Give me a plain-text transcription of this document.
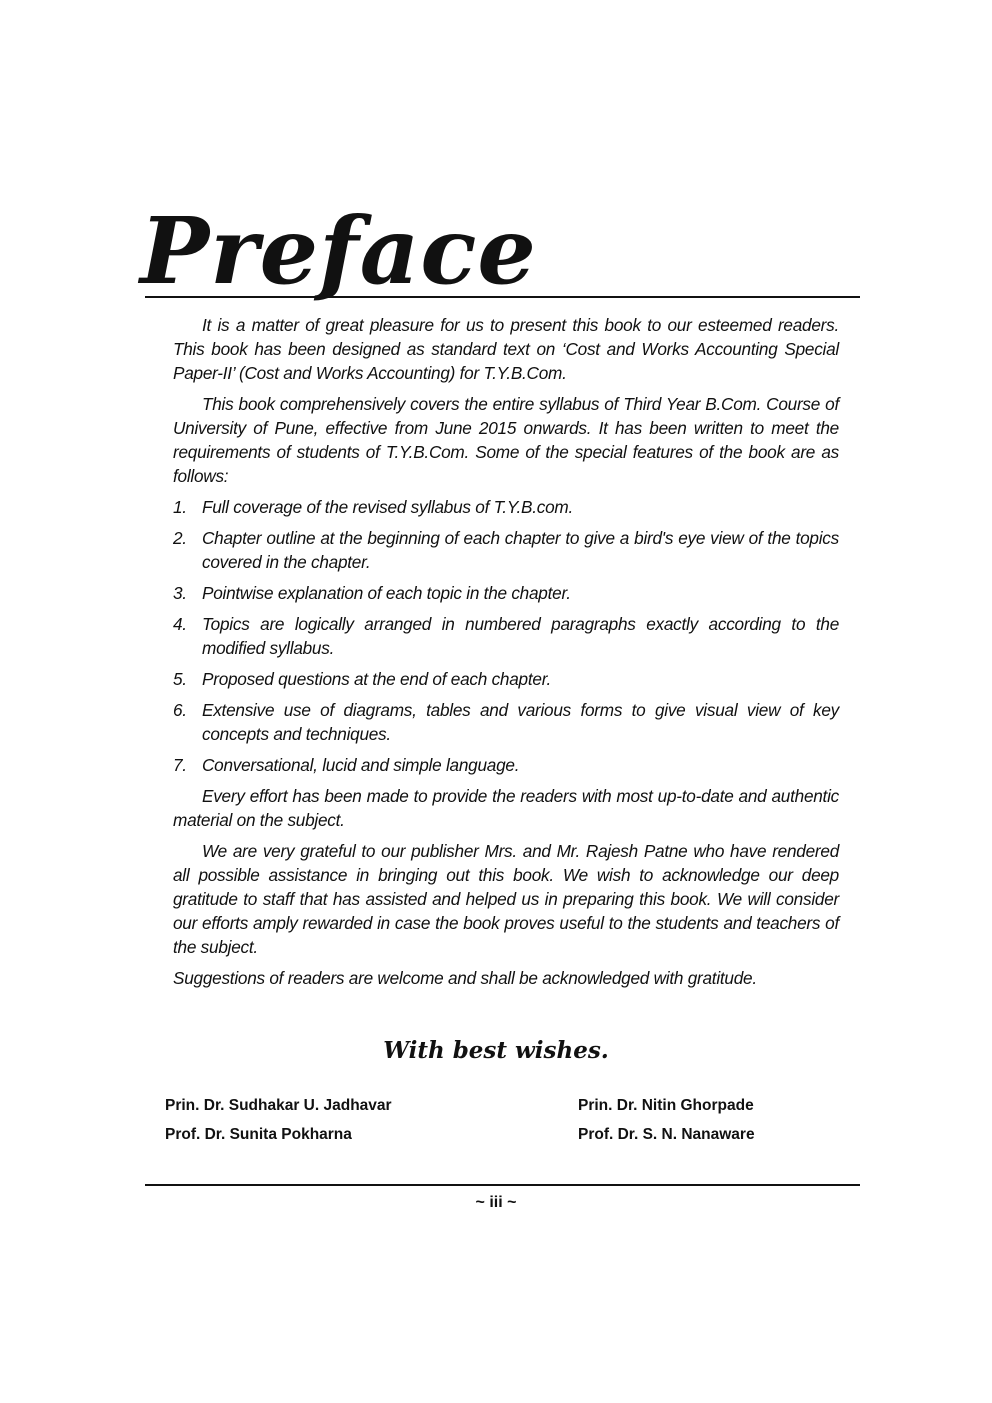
Preface

It is a matter of great pleasure for us to present this book to our esteemed readers. This book has been designed as standard text on ‘Cost and Works Accounting Special Paper-II’ (Cost and Works Accounting) for T.Y.B.Com.

This book comprehensively covers the entire syllabus of Third Year B.Com. Course of University of Pune, effective from June 2015 onwards. It has been written to meet the requirements of students of T.Y.B.Com. Some of the special features of the book are as follows:

1. Full coverage of the revised syllabus of T.Y.B.com.
2. Chapter outline at the beginning of each chapter to give a bird's eye view of the topics covered in the chapter.
3. Pointwise explanation of each topic in the chapter.
4. Topics are logically arranged in numbered paragraphs exactly according to the modified syllabus.
5. Proposed questions at the end of each chapter.
6. Extensive use of diagrams, tables and various forms to give visual view of key concepts and techniques.
7. Conversational, lucid and simple language.

Every effort has been made to provide the readers with most up-to-date and authentic material on the subject.

We are very grateful to our publisher Mrs. and Mr. Rajesh Patne who have rendered all possible assistance in bringing out this book. We wish to acknowledge our deep gratitude to staff that has assisted and helped us in preparing this book. We will consider our efforts amply rewarded in case the book proves useful to the students and teachers of the subject.

Suggestions of readers are welcome and shall be acknowledged with gratitude.

With best wishes.
Prin. Dr. Sudhakar U. Jadhavar
Prof. Dr. Sunita Pokharna
Prin. Dr. Nitin Ghorpade
Prof. Dr. S. N. Nanaware
~ iii ~
